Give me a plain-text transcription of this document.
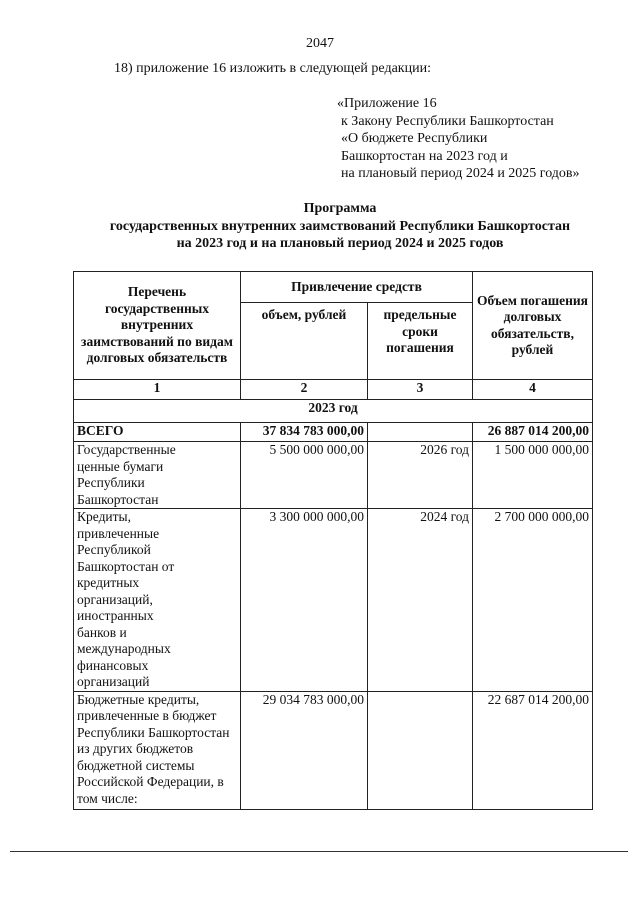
2047
18) приложение 16 изложить в следующей редакции:
«Приложение 16
к Закону Республики Башкортостан
«О бюджете Республики
Башкортостан на 2023 год и
на плановый период 2024 и 2025 годов»
Программа
государственных внутренних заимствований Республики Башкортостан
на 2023 год и на плановый период 2024 и 2025 годов
Перечень государственных внутренних заимствований по видам долговых обязательств	Привлечение средств		Объем погашения долговых обязательств, рублей
	объем, рублей	предельные сроки погашения	
1	2	3	4
2023 год			
ВСЕГО	37 834 783 000,00		26 887 014 200,00
Государственные ценные бумаги Республики Башкортостан	5 500 000 000,00	2026 год	1 500 000 000,00
Кредиты, привлеченные Республикой Башкортостан от кредитных организаций, иностранных банков и международных финансовых организаций	3 300 000 000,00	2024 год	2 700 000 000,00
Бюджетные кредиты, привлеченные в бюджет Республики Башкортостан из других бюджетов бюджетной системы Российской Федерации, в том числе:	29 034 783 000,00		22 687 014 200,00
